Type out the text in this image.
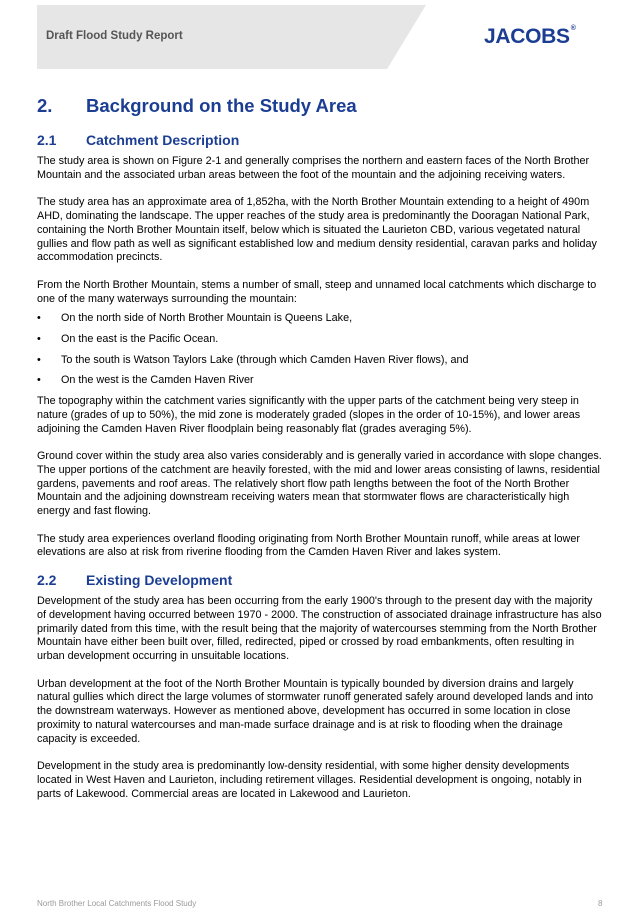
Draft Flood Study Report	JACOBS®
2. Background on the Study Area
2.1 Catchment Description

The study area is shown on Figure 2-1 and generally comprises the northern and eastern faces of the North Brother Mountain and the associated urban areas between the foot of the mountain and the adjoining receiving waters.

The study area has an approximate area of 1,852ha, with the North Brother Mountain extending to a height of 490m AHD, dominating the landscape. The upper reaches of the study area is predominantly the Dooragan National Park, containing the North Brother Mountain itself, below which is situated the Laurieton CBD, various vegetated natural gullies and flow path as well as significant established low and medium density residential, caravan parks and holiday accommodation precincts.

From the North Brother Mountain, stems a number of small, steep and unnamed local catchments which discharge to one of the many waterways surrounding the mountain:

• On the north side of North Brother Mountain is Queens Lake,
• On the east is the Pacific Ocean.
• To the south is Watson Taylors Lake (through which Camden Haven River flows), and
• On the west is the Camden Haven River

The topography within the catchment varies significantly with the upper parts of the catchment being very steep in nature (grades of up to 50%), the mid zone is moderately graded (slopes in the order of 10-15%), and lower areas adjoining the Camden Haven River floodplain being reasonably flat (grades averaging 5%).

Ground cover within the study area also varies considerably and is generally varied in accordance with slope changes. The upper portions of the catchment are heavily forested, with the mid and lower areas consisting of lawns, residential gardens, pavements and roof areas. The relatively short flow path lengths between the foot of the North Brother Mountain and the adjoining downstream receiving waters mean that stormwater flows are characteristically high energy and fast flowing.

The study area experiences overland flooding originating from North Brother Mountain runoff, while areas at lower elevations are also at risk from riverine flooding from the Camden Haven River and lakes system.

2.2 Existing Development

Development of the study area has been occurring from the early 1900's through to the present day with the majority of development having occurred between 1970 - 2000. The construction of associated drainage infrastructure has also primarily dated from this time, with the result being that the majority of watercourses stemming from the North Brother Mountain have either been built over, filled, redirected, piped or crossed by road embankments, often resulting in urban development occurring in unsuitable locations.

Urban development at the foot of the North Brother Mountain is typically bounded by diversion drains and largely natural gullies which direct the large volumes of stormwater runoff generated safely around developed lands and into the downstream waterways. However as mentioned above, development has occurred in some location in close proximity to natural watercourses and man-made surface drainage and is at risk to flooding when the drainage capacity is exceeded.

Development in the study area is predominantly low-density residential, with some higher density developments located in West Haven and Laurieton, including retirement villages. Residential development is ongoing, notably in parts of Lakewood. Commercial areas are located in Lakewood and Laurieton.

North Brother Local Catchments Flood Study	8
